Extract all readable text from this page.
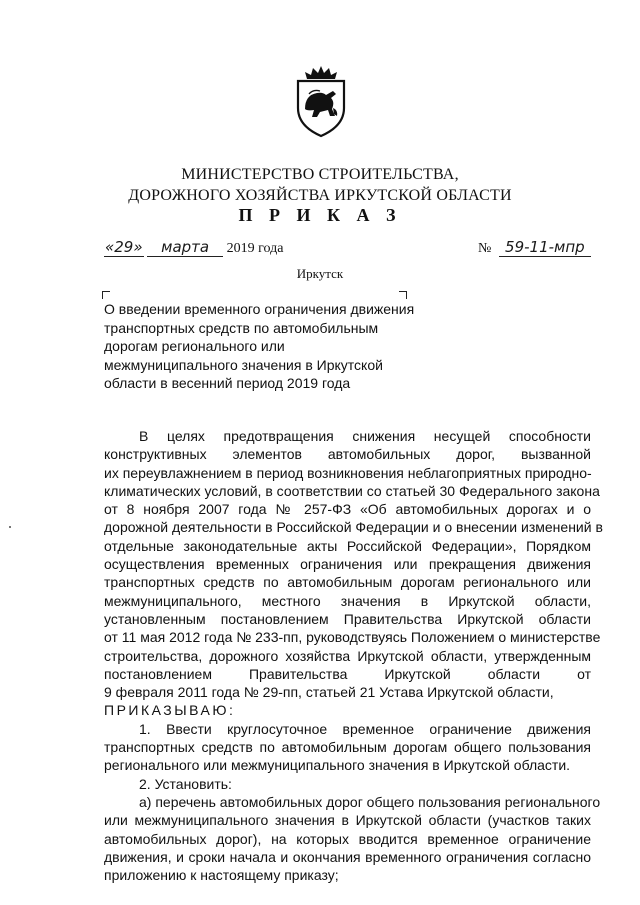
МИНИСТЕРСТВО СТРОИТЕЛЬСТВА,
ДОРОЖНОГО ХОЗЯЙСТВА ИРКУТСКОЙ ОБЛАСТИ
П Р И К А З
«29» марта 2019 года	№ 59-11-мпр
Иркутск
О введении временного ограничения движения
транспортных средств по автомобильным
дорогам регионального или
межмуниципального значения в Иркутской
области в весенний период 2019 года
В целях предотвращения снижения несущей способности
конструктивных элементов автомобильных дорог, вызванной
их переувлажнением в период возникновения неблагоприятных природно-
климатических условий, в соответствии со статьей 30 Федерального закона
от 8 ноября 2007 года № 257-ФЗ «Об автомобильных дорогах и о
дорожной деятельности в Российской Федерации и о внесении изменений в
отдельные законодательные акты Российской Федерации», Порядком
осуществления временных ограничения или прекращения движения
транспортных средств по автомобильным дорогам регионального или
межмуниципального, местного значения в Иркутской области,
установленным постановлением Правительства Иркутской области
от 11 мая 2012 года № 233-пп, руководствуясь Положением о министерстве
строительства, дорожного хозяйства Иркутской области, утвержденным
постановлением Правительства Иркутской области от
9 февраля 2011 года № 29-пп, статьей 21 Устава Иркутской области,
ПРИКАЗЫВАЮ:
1. Ввести круглосуточное временное ограничение движения
транспортных средств по автомобильным дорогам общего пользования
регионального или межмуниципального значения в Иркутской области.
2. Установить:
а) перечень автомобильных дорог общего пользования регионального
или межмуниципального значения в Иркутской области (участков таких
автомобильных дорог), на которых вводится временное ограничение
движения, и сроки начала и окончания временного ограничения согласно
приложению к настоящему приказу;
